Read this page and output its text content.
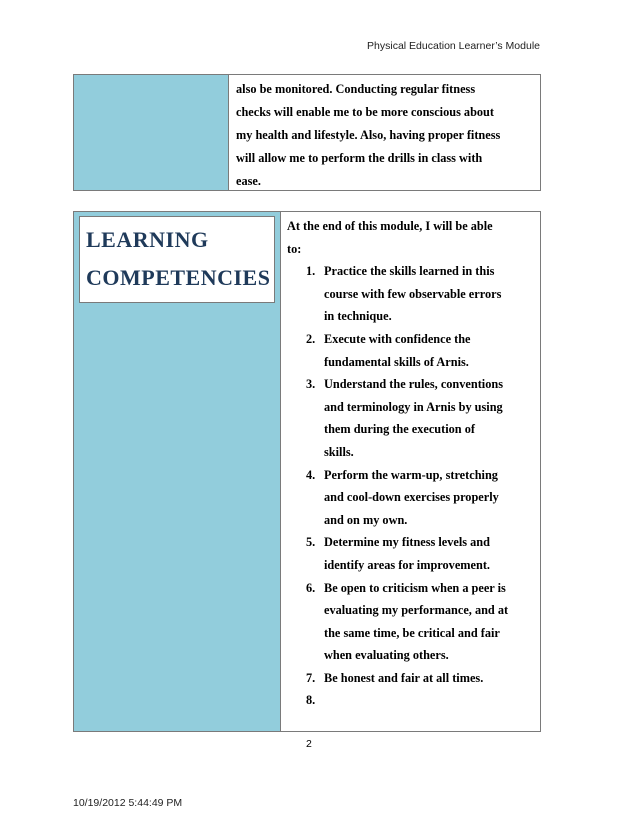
Physical Education Learner’s Module
also be monitored. Conducting regular fitness
checks will enable me to be more conscious about
my health and lifestyle. Also, having proper fitness
will allow me to perform the drills in class with
ease.
LEARNING
COMPETENCIES
At the end of this module, I will be able
to:
1. Practice the skills learned in this
course with few observable errors
in technique.
2. Execute with confidence the
fundamental skills of Arnis.
3. Understand the rules, conventions
and terminology in Arnis by using
them during the execution of
skills.
4. Perform the warm-up, stretching
and cool-down exercises properly
and on my own.
5. Determine my fitness levels and
identify areas for improvement.
6. Be open to criticism when a peer is
evaluating my performance, and at
the same time, be critical and fair
when evaluating others.
7. Be honest and fair at all times.
8.
2
10/19/2012 5:44:49 PM
